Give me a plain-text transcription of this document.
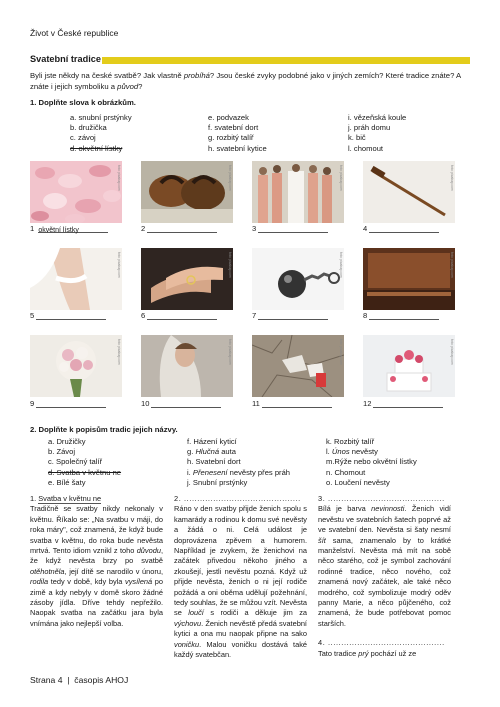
Život v České republice
Svatební tradice
Byli jste někdy na české svatbě? Jak vlastně probíhá? Jsou české zvyky podobné jako v jiných zemích? Které tradice znáte? A znáte i jejich symboliku a původ?
1. Doplňte slova k obrázkům.
a. snubní prstýnky
b. družička
c. závoj
d. okvětní lístky
e. podvazek
f. svatební dort
g. rozbitý talíř
h. svatební kytice
i. vězeňská koule
j. práh domu
k. bič
l. chomout
foto: pixabay.com	foto: pixabay.com	foto: pixabay.com	foto: pixabay.com
1 okvětní lístky	2	3	4
foto: pixabay.com	foto: pixabay.com	foto: pixabay.com	foto: pixabay.com
5	6	7	8
foto: pixabay.com	foto: pixabay.com	foto: pixabay.com	foto: pixabay.com
9	10	11	12
2. Doplňte k popisům tradic jejich názvy.
a. Družičky
b. Závoj
c. Společný talíř
d. Svatba v květnu ne
e. Bílé šaty
f. Házení kyticí
g. Hlučná auta
h. Svatební dort
i. Přenesení nevěsty přes práh
j. Snubní prstýnky
k. Rozbitý talíř
l. Únos nevěsty
m.Rýže nebo okvětní lístky
n. Chomout
o. Loučení nevěsty
1. Svatba v květnu ne
Tradičně se svatby nikdy nekonaly v květnu. Říkalo se: „Na svatbu v máji, do roka máry", což znamená, že když bude svatba v květnu, do roka bude nevěsta mrtvá. Tento idiom vznikl z toho důvodu, že když nevěsta brzy po svatbě otěhotněla, její dítě se narodilo v únoru, rodila tedy v době, kdy byla vysílená po zimě a kdy nebyly v domě skoro žádné zásoby jídla. Dříve tehdy nepřežilo. Naopak svatba na začátku jara byla vnímána jako nejlepší volba.
2. ............................................
Ráno v den svatby přijde ženich spolu s kamarády a rodinou k domu své nevěsty a žádá o ni. Celá událost je doprovázena zpěvem a humorem. Například je zvykem, že ženichovi na začátek přivedou někoho jiného a zkoušejí, jestli nevěstu pozná. Když už přijde nevěsta, ženich o ni její rodiče požádá a oni oběma udělují požehnání, tedy souhlas, že se můžou vzít. Nevěsta se loučí s rodiči a děkuje jim za výchovu. Ženich nevěstě předá svatební kytici a ona mu naopak připne na sako voničku. Malou voničku dostává také každý svatebčan.
3. ............................................
Bílá je barva nevinnosti. Ženich vidí nevěstu ve svatebních šatech poprvé až ve svatební den. Nevěsta si šaty nesmí šít sama, znamenalo by to krátké manželství. Nevěsta má mít na sobě něco starého, což je symbol zachování rodinné tradice, něco nového, což znamená nový začátek, ale také něco modrého, což symbolizuje modrý oděv panny Marie, a něco půjčeného, což znamená, že bude potřebovat pomoc starších.
4. ............................................
Tato tradice prý pochází už ze
Strana 4 | časopis AHOJ
